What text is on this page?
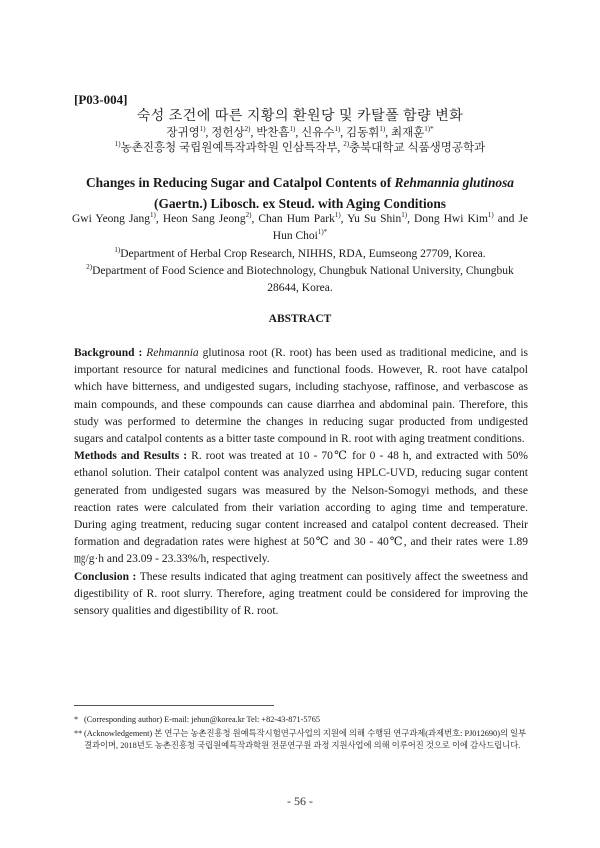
[P03-004]
숙성 조건에 따른 지황의 환원당 및 카탈폴 함량 변화
장귀영$^{1)}$, 정헌상$^{2)}$, 박찬흠$^{1)}$, 신유수$^{1)}$, 김동휘$^{1)}$, 최재훈$^{1)*}$
$^{1)}$농촌진흥청 국립원예특작과학원 인삼특작부, $^{2)}$충북대학교 식품생명공학과
Changes in Reducing Sugar and Catalpol Contents of Rehmannia glutinosa
(Gaertn.) Libosch. ex Steud. with Aging Conditions
Gwi Yeong Jang$^{1)}$, Heon Sang Jeong$^{2)}$, Chan Hum Park$^{1)}$, Yu Su Shin$^{1)}$, Dong Hwi Kim$^{1)}$ and Je Hun Choi$^{1)*}$
$^{1)}$Department of Herbal Crop Research, NIHHS, RDA, Eumseong 27709, Korea.
$^{2)}$Department of Food Science and Biotechnology, Chungbuk National University, Chungbuk 28644, Korea.
ABSTRACT

Background : Rehmannia glutinosa root (R. root) has been used as traditional medicine, and is important resource for natural medicines and functional foods. However, R. root have catalpol which have bitterness, and undigested sugars, including stachyose, raffinose, and verbascose as main compounds, and these compounds can cause diarrhea and abdominal pain. Therefore, this study was performed to determine the changes in reducing sugar producted from undigested sugars and catalpol contents as a bitter taste compound in R. root with aging treatment conditions.

Methods and Results : R. root was treated at 10 - 70℃ for 0 - 48 h, and extracted with 50% ethanol solution. Their catalpol content was analyzed using HPLC-UVD, reducing sugar content generated from undigested sugars was measured by the Nelson-Somogyi methods, and these reaction rates were calculated from their variation according to aging time and temperature. During aging treatment, reducing sugar content increased and catalpol content decreased. Their formation and degradation rates were highest at 50℃ and 30 - 40℃, and their rates were 1.89 ㎎/g·h and 23.09 - 23.33%/h, respectively.

Conclusion : These results indicated that aging treatment can positively affect the sweetness and digestibility of R. root slurry. Therefore, aging treatment could be considered for improving the sensory qualities and digestibility of R. root.

* (Corresponding author) E-mail: jehun@korea.kr Tel: +82-43-871-5765
** (Acknowledgement) 본 연구는 농촌진흥청 원예특작시험연구사업의 지원에 의해 수행된 연구과제(과제번호: PJ012690)의 일부 결과이며, 2018년도 농촌진흥청 국립원예특작과학원 전문연구원 과정 지원사업에 의해 이루어진 것으로 이에 감사드립니다.
- 56 -
